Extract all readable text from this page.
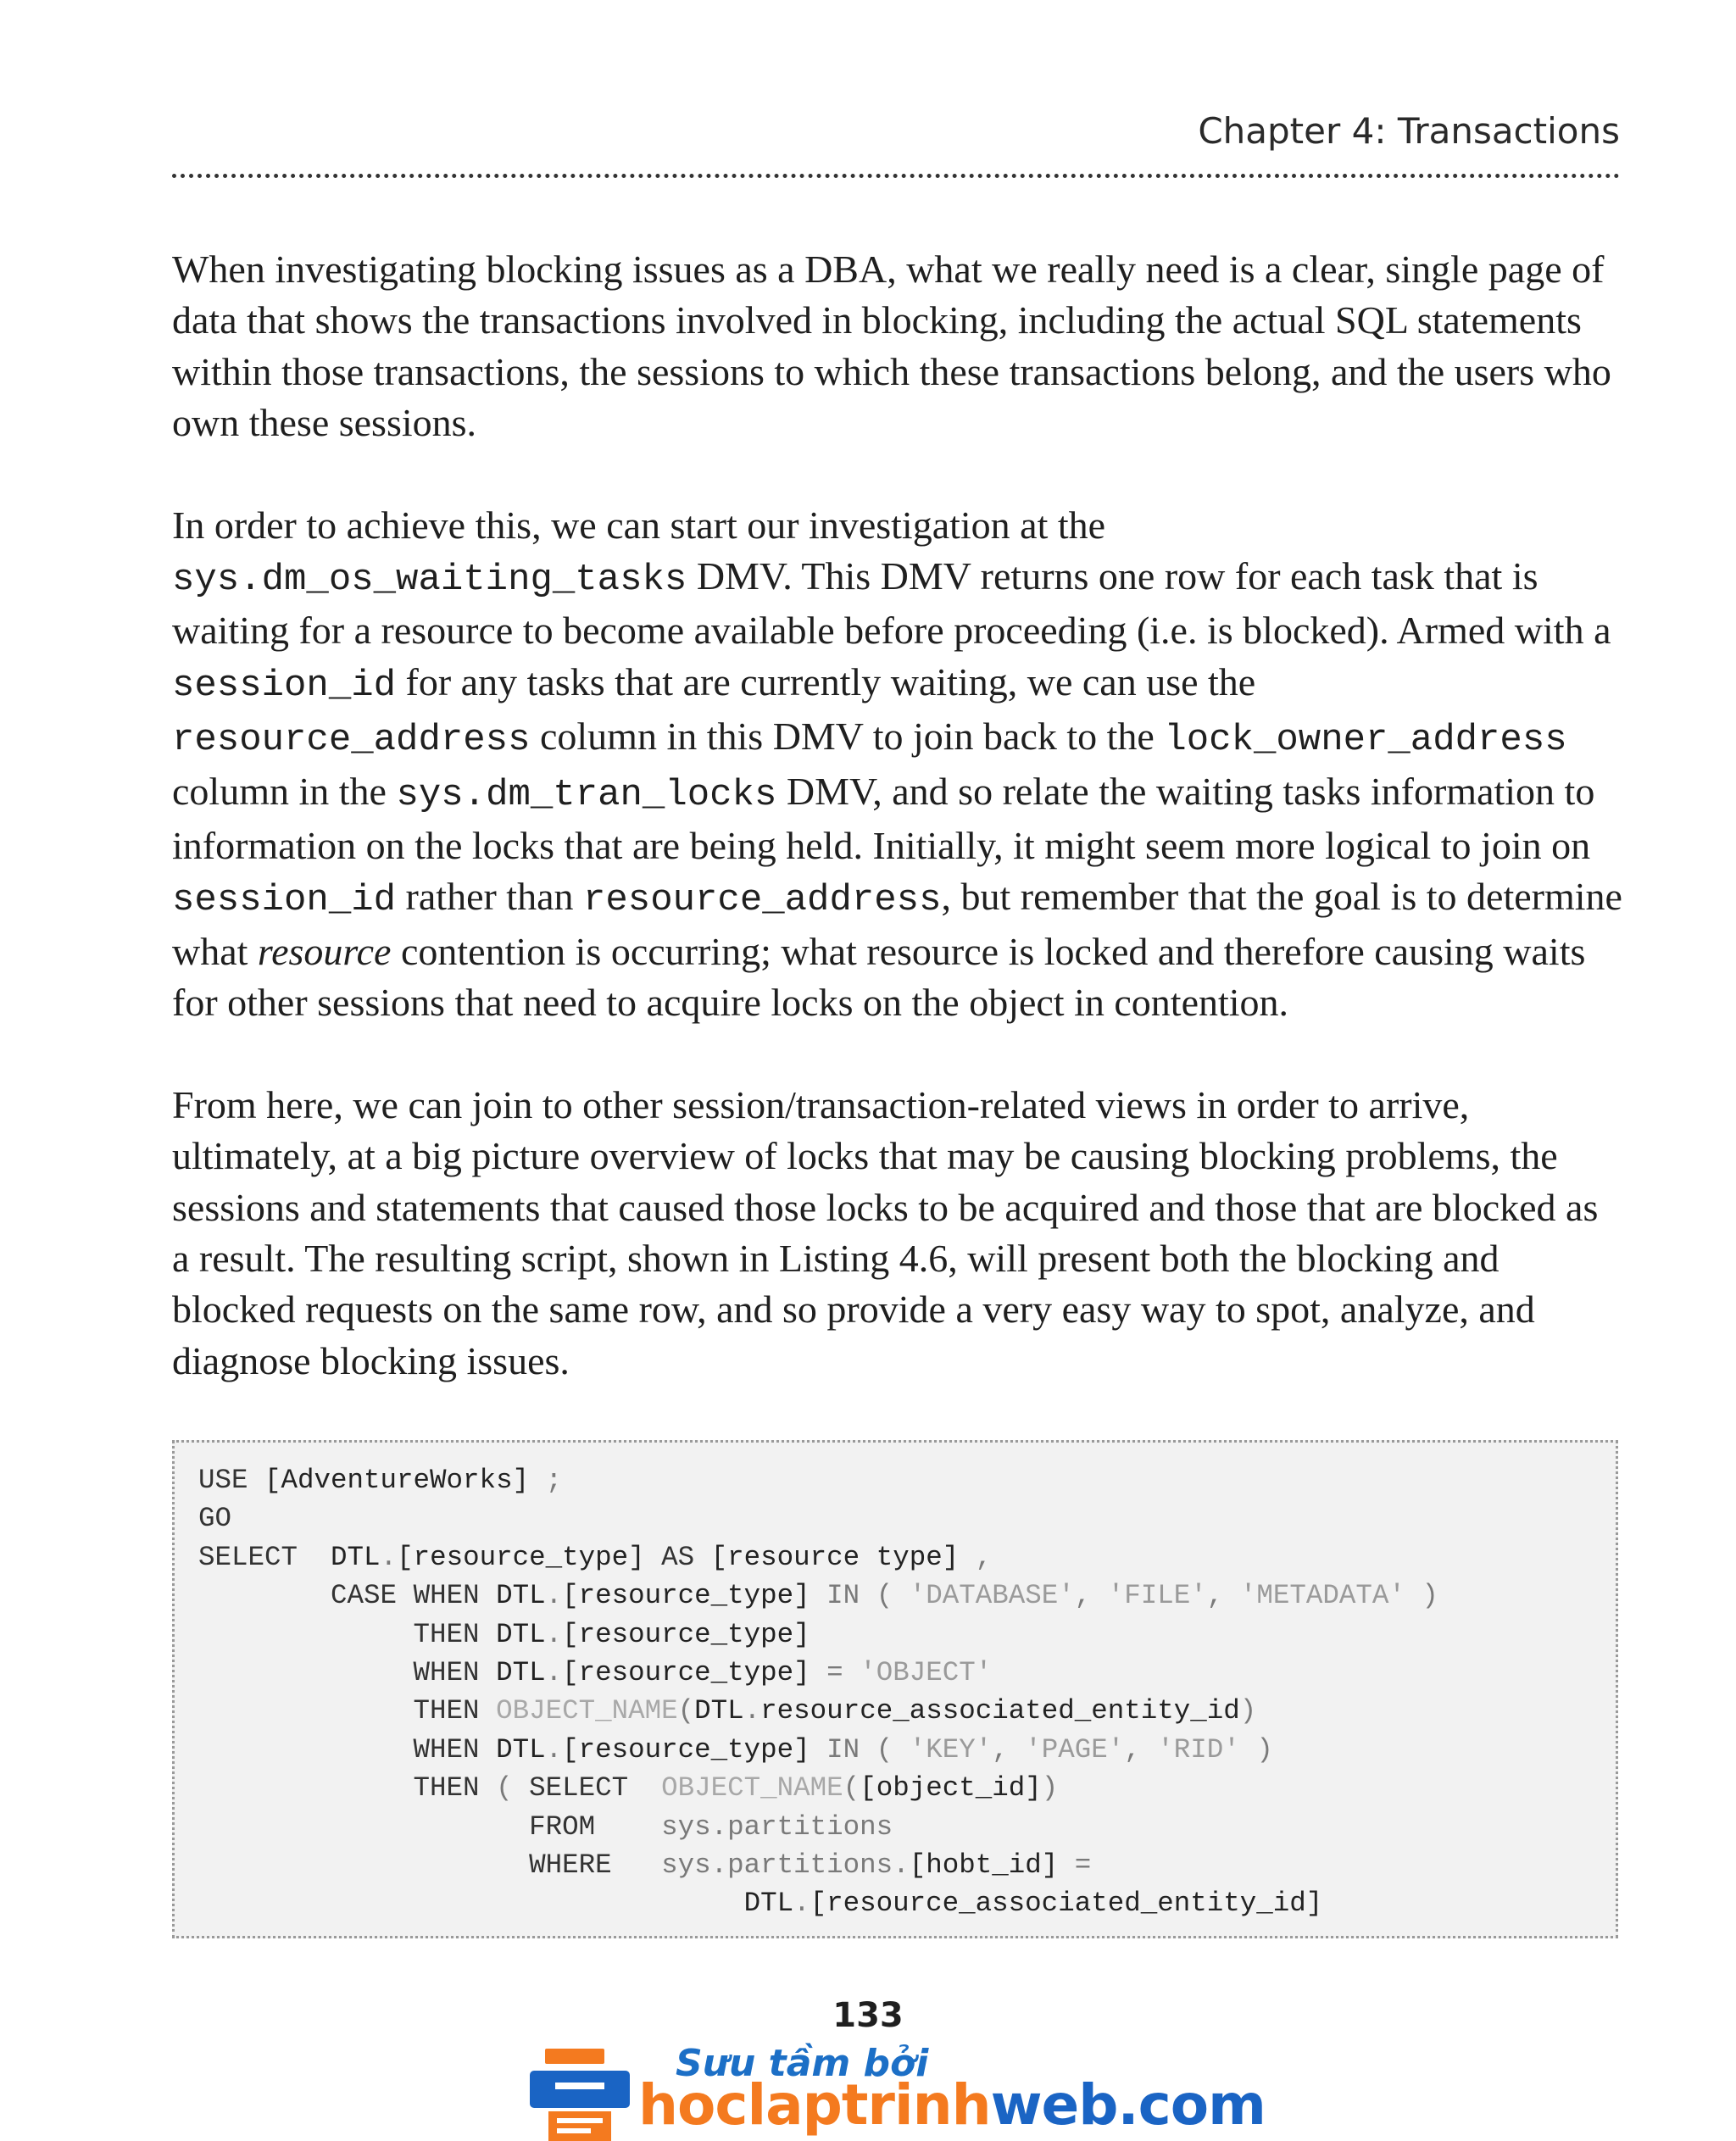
Chapter 4: Transactions

When investigating blocking issues as a DBA, what we really need is a clear, single page of data that shows the transactions involved in blocking, including the actual SQL statements within those transactions, the sessions to which these transactions belong, and the users who own these sessions.

In order to achieve this, we can start our investigation at the sys.dm_os_waiting_tasks DMV. This DMV returns one row for each task that is waiting for a resource to become available before proceeding (i.e. is blocked). Armed with a session_id for any tasks that are currently waiting, we can use the resource_address column in this DMV to join back to the lock_owner_address column in the sys.dm_tran_locks DMV, and so relate the waiting tasks information to information on the locks that are being held. Initially, it might seem more logical to join on session_id rather than resource_address, but remember that the goal is to determine what resource contention is occurring; what resource is locked and therefore causing waits for other sessions that need to acquire locks on the object in contention.

From here, we can join to other session/transaction-related views in order to arrive, ultimately, at a big picture overview of locks that may be causing blocking problems, the sessions and statements that caused those locks to be acquired and those that are blocked as a result. The resulting script, shown in Listing 4.6, will present both the blocking and blocked requests on the same row, and so provide a very easy way to spot, analyze, and diagnose blocking issues.

USE [AdventureWorks] ;
GO
SELECT  DTL.[resource_type] AS [resource type] ,
CASE WHEN DTL.[resource_type] IN ( 'DATABASE', 'FILE', 'METADATA' )
THEN DTL.[resource_type]
WHEN DTL.[resource_type] = 'OBJECT'
THEN OBJECT_NAME(DTL.resource_associated_entity_id)
WHEN DTL.[resource_type] IN ( 'KEY', 'PAGE', 'RID' )
THEN ( SELECT OBJECT_NAME([object_id])
FROM    sys.partitions
WHERE   sys.partitions.[hobt_id] =
DTL.[resource_associated_entity_id]
133
Sưu tầm bởi
hoclaptrinhweb.com
